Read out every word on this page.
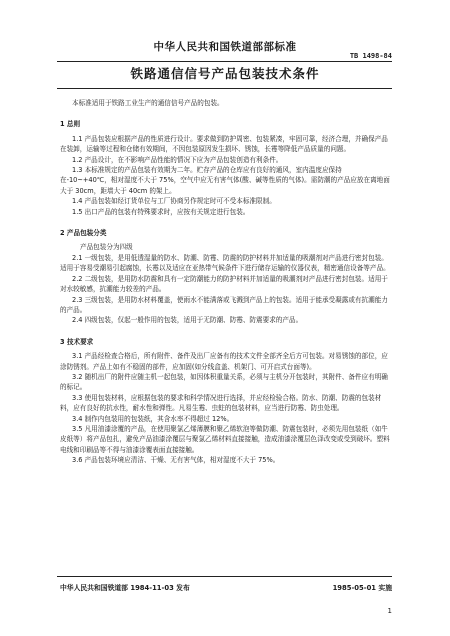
中华人民共和国铁道部部标准
TB 1498-84
铁路通信信号产品包装技术条件

本标准适用于铁路工业生产的通信信号产品的包装。

1 总则

1.1 产品包装应根据产品的性质进行设计。要求做到防护周密、包装紧凑，牢固可靠，经济合理，并确保产品在装卸，运输等过程和仓储有效期间，不因包装原因发生损坏、锈蚀，长霉等降低产品质量的问题。

1.2 产品设计，在不影响产品性能的情况下应为产品包装创造有利条件。

1.3 本标准规定的产品包装有效期为二年。贮存产品的仓库应有良好的通风，室内温度应保持在-10~+40℃，相对湿度不大于 75%，空气中应无有害气体(酸、碱等性质的气体)。需防潮的产品应放在离地面大于 30cm，距墙大于 40cm 的架上。

1.4 产品包装如经订货单位与工厂协商另作规定时可不受本标准限制。

1.5 出口产品的包装有特殊要求时，应按有关规定进行包装。

2 产品包装分类

产品包装分为四级

2.1 一级包装，是用低透湿量的防水、防潮、防霉、防震的防护材料并加适量的吸潮剂对产品进行密封包装。适用于容易受潮易引起腐蚀，长霉以及适应在亚热带气候条件下进行储存运输的仪器仪表，精密通信设备等产品。

2.2 二级包装，是用防水防震和具有一定防潮能力的防护材料并加适量的吸潮剂对产品进行密封包装。适用于对水较敏感，抗潮能力较差的产品。

2.3 三级包装，是用防水材料覆盖，使雨水不能满落或飞溅到产品上的包装。适用于能承受凝露或有抗潮能力的产品。

2.4 四级包装，仅起一般作用的包装，适用于无防潮、防霉、防震要求的产品。

3 技术要求

3.1 产品经检查合格后，所有附件、备件及出厂应备有的技术文件全部齐全后方可包装。对易锈蚀的部位，应涂防锈剂。产品上如有不稳固的部件，应加固(如分线盒盖、机架门、可开启式台面等)。

3.2 随机出厂的附件应随主机一起包装，如因体积重量关系，必须与主机分开包装时，其附件、备件应有明确的标记。

3.3 使用包装材料，应根据包装的要求和科学情况进行选择，并应经检验合格。防水、防潮、防震的包装材料，应有良好的抗水性，耐水性和弹性。凡易生霉、虫蛀的包装材料，应当进行防霉、防虫处理。

3.4 制作内包装用的包装纸，其含水率不得超过 12%。

3.5 凡用油漆涂覆的产品，在使用聚氯乙烯薄膜和聚乙烯软泡等做防潮、防震包装时，必须先用包装纸（如牛皮纸等）将产品包扎，避免产品油漆涂覆层与聚氯乙烯材料直接接触，造成油漆涂覆层色泽改变或受到破坏。塑料电线和印刷品等不得与油漆涂覆表面直接接触。

3.6 产品包装环境应清洁、干燥、无有害气体，相对湿度不大于 75%。

中华人民共和国铁道部 1984-11-03 发布	1985-05-01 实施
1
